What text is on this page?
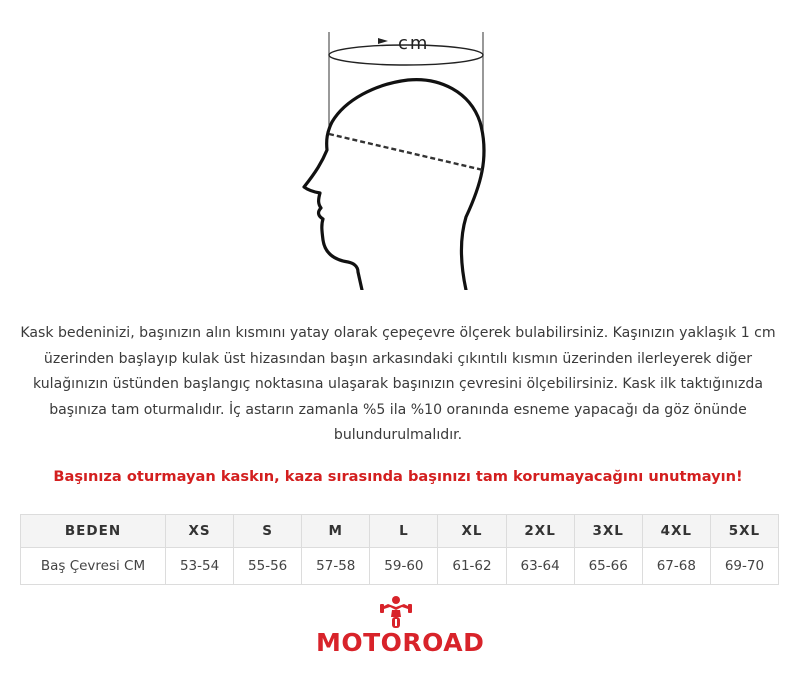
cm
Kask bedeninizi, başınızın alın kısmını yatay olarak çepeçevre ölçerek bulabilirsiniz. Kaşınızın yaklaşık 1 cm üzerinden başlayıp kulak üst hizasından başın arkasındaki çıkıntılı kısmın üzerinden ilerleyerek diğer kulağınızın üstünden başlangıç noktasına ulaşarak başınızın çevresini ölçebilirsiniz. Kask ilk taktığınızda başınıza tam oturmalıdır. İç astarın zamanla %5 ila %10 oranında esneme yapacağı da göz önünde bulundurulmalıdır.
Başınıza oturmayan kaskın, kaza sırasında başınızı tam korumayacağını unutmayın!
BEDEN	XS	S	M	L	XL	2XL	3XL	4XL	5XL
Baş Çevresi CM	53-54	55-56	57-58	59-60	61-62	63-64	65-66	67-68	69-70
MOTOROAD
